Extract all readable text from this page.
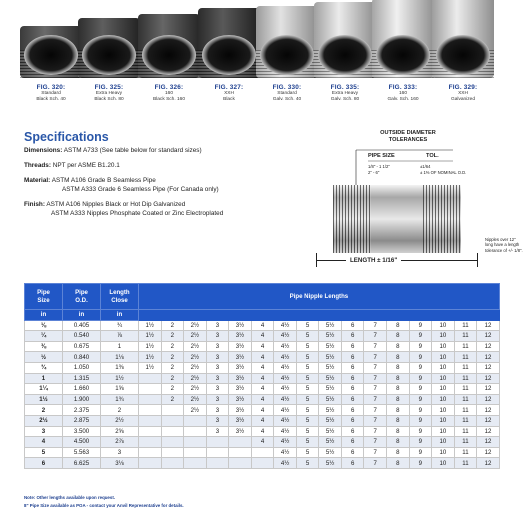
FIG. 320:
Standard
Black Sch. 40
FIG. 325:
Extra Heavy
Black Sch. 80
FIG. 326:
160
Black Sch. 160
FIG. 327:
XXH
Black
FIG. 330:
Standard
Galv. Sch. 40
FIG. 335:
Extra Heavy
Galv. Sch. 80
FIG. 333:
160
Galv. Sch. 160
FIG. 329:
XXH
Galvanized
Specifications
Dimensions: ASTM A733 (See table below for standard sizes)
Threads: NPT per ASME B1.20.1
Material: ASTM A106 Grade B Seamless Pipe
ASTM A333 Grade 6 Seamless Pipe (For Canada only)
Finish: ASTM A106 Nipples Black or Hot Dip Galvanized
ASTM A333 Nipples Phosphate Coated or Zinc Electroplated
OUTSIDE DIAMETER
TOLERANCES
PIPE SIZE	TOL.
1/8" - 1 1/2"	±1/64
2" - 6"	± 1% OF NOMINAL O.D.
LENGTH ± 1/16"
Nipples over 12" long have a length tolerance of +/- 1/8".
Pipe
Size	Pipe
O.D.	Length
Close	Pipe Nipple Lengths															
in	in	in																
⅛	0.405	¾	1½	2	2½	3	3½	4	4½	5	5½	6	7	8	9	10	11	12
¼	0.540	⅞	1½	2	2½	3	3½	4	4½	5	5½	6	7	8	9	10	11	12
⅜	0.675	1	1½	2	2½	3	3½	4	4½	5	5½	6	7	8	9	10	11	12
½	0.840	1⅛	1½	2	2½	3	3½	4	4½	5	5½	6	7	8	9	10	11	12
¾	1.050	1⅜	1½	2	2½	3	3½	4	4½	5	5½	6	7	8	9	10	11	12
1	1.315	1½		2	2½	3	3½	4	4½	5	5½	6	7	8	9	10	11	12
1¼	1.660	1⅝		2	2½	3	3½	4	4½	5	5½	6	7	8	9	10	11	12
1½	1.900	1¾		2	2½	3	3½	4	4½	5	5½	6	7	8	9	10	11	12
2	2.375	2			2½	3	3½	4	4½	5	5½	6	7	8	9	10	11	12
2½	2.875	2½				3	3½	4	4½	5	5½	6	7	8	9	10	11	12
3	3.500	2⅝				3	3½	4	4½	5	5½	6	7	8	9	10	11	12
4	4.500	2⅞						4	4½	5	5½	6	7	8	9	10	11	12
5	5.563	3							4½	5	5½	6	7	8	9	10	11	12
6	6.625	3⅛							4½	5	5½	6	7	8	9	10	11	12
Note: Other lengths available upon request.
8" Pipe Size available as POA - contact your Anvil Representative for details.
